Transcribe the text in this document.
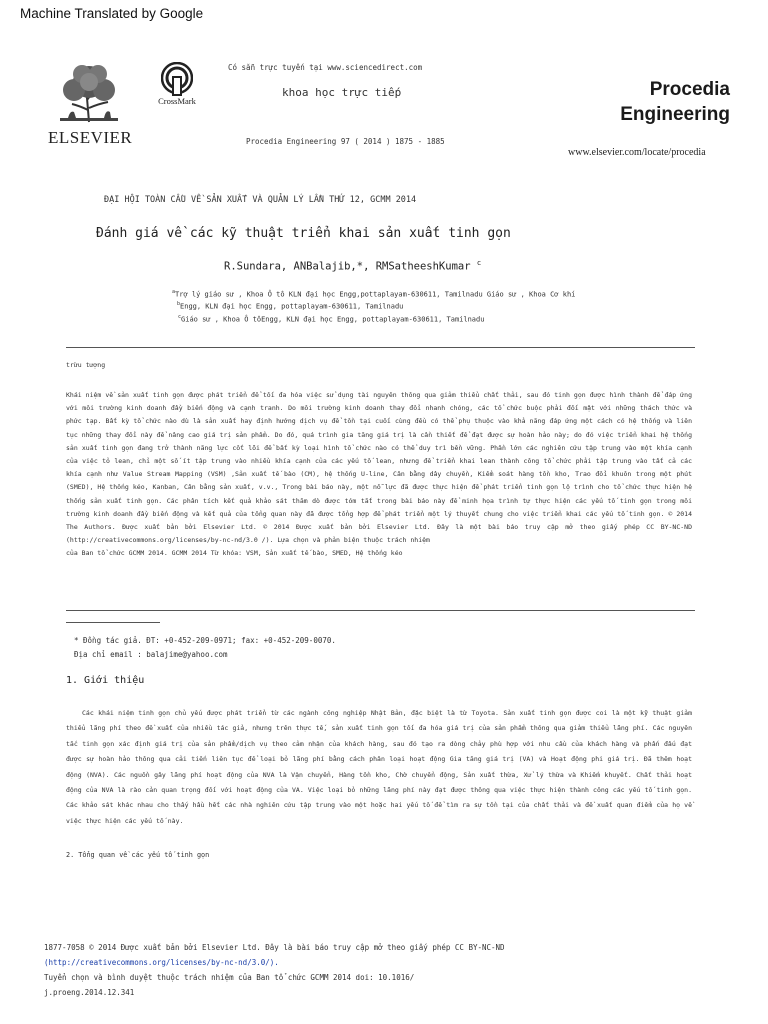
Machine Translated by Google
ELSEVIER
CrossMark
Có sẵn trực tuyến tại www.sciencedirect.com
khoa học trực tiếp
Procedia Engineering 97 ( 2014 ) 1875 - 1885
Procedia
Engineering
www.elsevier.com/locate/procedia
ĐẠI HỘI TOÀN CẦU VỀ SẢN XUẤT VÀ QUẢN LÝ LẦN THỨ 12, GCMM 2014
Đánh giá về các kỹ thuật triển khai sản xuất tinh gọn
R.Sundara, ANBalajib,*, RMSatheeshKumar $^c$
$^a$Trợ lý giáo sư , Khoa Ô tô KLN đại học Engg,pottaplayam-630611, Tamilnadu Giáo sư , Khoa Cơ khí
$^b$Engg, KLN đại học Engg, pottaplayam-630611, Tamilnadu
$^c$Giáo sư , Khoa Ô tôEngg, KLN đại học Engg, pottaplayam-630611, Tamilnadu
trừu tượng
Khái niệm về sản xuất tinh gọn được phát triển để tối đa hóa việc sử dụng tài nguyên thông qua giảm thiểu chất thải, sau đó tinh gọn được hình thành để đáp ứng với môi trường kinh doanh đầy biến động và cạnh tranh. Do môi trường kinh doanh thay đổi nhanh chóng, các tổ chức buộc phải đối mặt với những thách thức và phức tạp. Bất kỳ tổ chức nào dù là sản xuất hay định hướng dịch vụ để tồn tại cuối cùng đều có thể phụ thuộc vào khả năng đáp ứng một cách có hệ thống và liên tục những thay đổi này để nâng cao giá trị sản phẩm. Do đó, quá trình gia tăng giá trị là cần thiết để đạt được sự hoàn hảo này; do đó việc triển khai hệ thống sản xuất tinh gọn đang trở thành năng lực cốt lõi để bất kỳ loại hình tổ chức nào có thể duy trì bền vững. Phần lớn các nghiên cứu tập trung vào một khía cạnh của việc tỏ lean, chỉ một số ít tập trung vào nhiều khía cạnh của các yếu tố lean, nhưng để triển khai lean thành công tổ chức phải tập trung vào tất cả các khía cạnh như Value Stream Mapping (VSM) ,Sản xuất tế bào (CM), hệ thống U-line, Cân bằng dây chuyền, Kiểm soát hàng tồn kho, Trao đổi khuôn trong một phút (SMED), Hệ thống kéo, Kanban, Cân bằng sản xuất, v.v., Trong bài báo này, một nỗ lực đã được thực hiện để phát triển tinh gọn lộ trình cho tổ chức thực hiện hệ thống sản xuất tinh gọn. Các phân tích kết quả khảo sát thăm dò được tóm tắt trong bài báo này để minh họa trình tự thực hiện các yếu tố tinh gọn trong môi trường kinh doanh đầy biến động và kết quả của tổng quan này đã được tổng hợp để phát triển một lý thuyết chung cho việc triển khai các yếu tố tinh gọn. © 2014 The Authors. Được xuất bản bởi Elsevier Ltd. © 2014 Được xuất bản bởi Elsevier Ltd. Đây là một bài báo truy cập mở theo giấy phép CC BY-NC-ND (http://creativecommons.org/licenses/by-nc-nd/3.0 /). Lựa chọn và phản biện thuộc trách nhiệm
của Ban tổ chức GCMM 2014. GCMM 2014 Từ khóa: VSM, Sản xuất tế bào, SMED, Hệ thống kéo
* Đồng tác giả. ĐT: +0-452-209-0971; fax: +0-452-209-0070.
Địa chỉ email : balajime@yahoo.com
1. Giới thiệu
Các khái niệm tinh gọn chủ yếu được phát triển từ các ngành công nghiệp Nhật Bản, đặc biệt là từ Toyota. Sản xuất tinh gọn được coi là một kỹ thuật giảm thiểu lãng phí theo đề xuất của nhiều tác giả, nhưng trên thực tế, sản xuất tinh gọn tối đa hóa giá trị của sản phẩm thông qua giảm thiểu lãng phí. Các nguyên tắc tinh gọn xác định giá trị của sản phẩm/dịch vụ theo cảm nhận của khách hàng, sau đó tạo ra dòng chảy phù hợp với nhu cầu của khách hàng và phấn đấu đạt được sự hoàn hảo thông qua cải tiến liên tục để loại bỏ lãng phí bằng cách phân loại hoạt động Gia tăng giá trị (VA) và Hoạt động phi giá trị. Đã thêm hoạt động (NVA). Các nguồn gây lãng phí hoạt động của NVA là Vận chuyển, Hàng tồn kho, Chờ chuyển động, Sản xuất thừa, Xử lý thừa và Khiếm khuyết. Chất thải hoạt động của NVA là rào cản quan trọng đối với hoạt động của VA. Việc loại bỏ những lãng phí này đạt được thông qua việc thực hiện thành công các yếu tố tinh gọn. Các khảo sát khác nhau cho thấy hầu hết các nhà nghiên cứu tập trung vào một hoặc hai yếu tố để tìm ra sự tồn tại của chất thải và đề xuất quan điểm của họ về việc thực hiện các yếu tố này.
2. Tổng quan về các yếu tố tinh gọn
1877-7058 © 2014 Được xuất bản bởi Elsevier Ltd. Đây là bài báo truy cập mở theo giấy phép CC BY-NC-ND
(http://creativecommons.org/licenses/by-nc-nd/3.0/).
Tuyển chọn và bình duyệt thuộc trách nhiệm của Ban tổ chức GCMM 2014 doi: 10.1016/
j.proeng.2014.12.341
